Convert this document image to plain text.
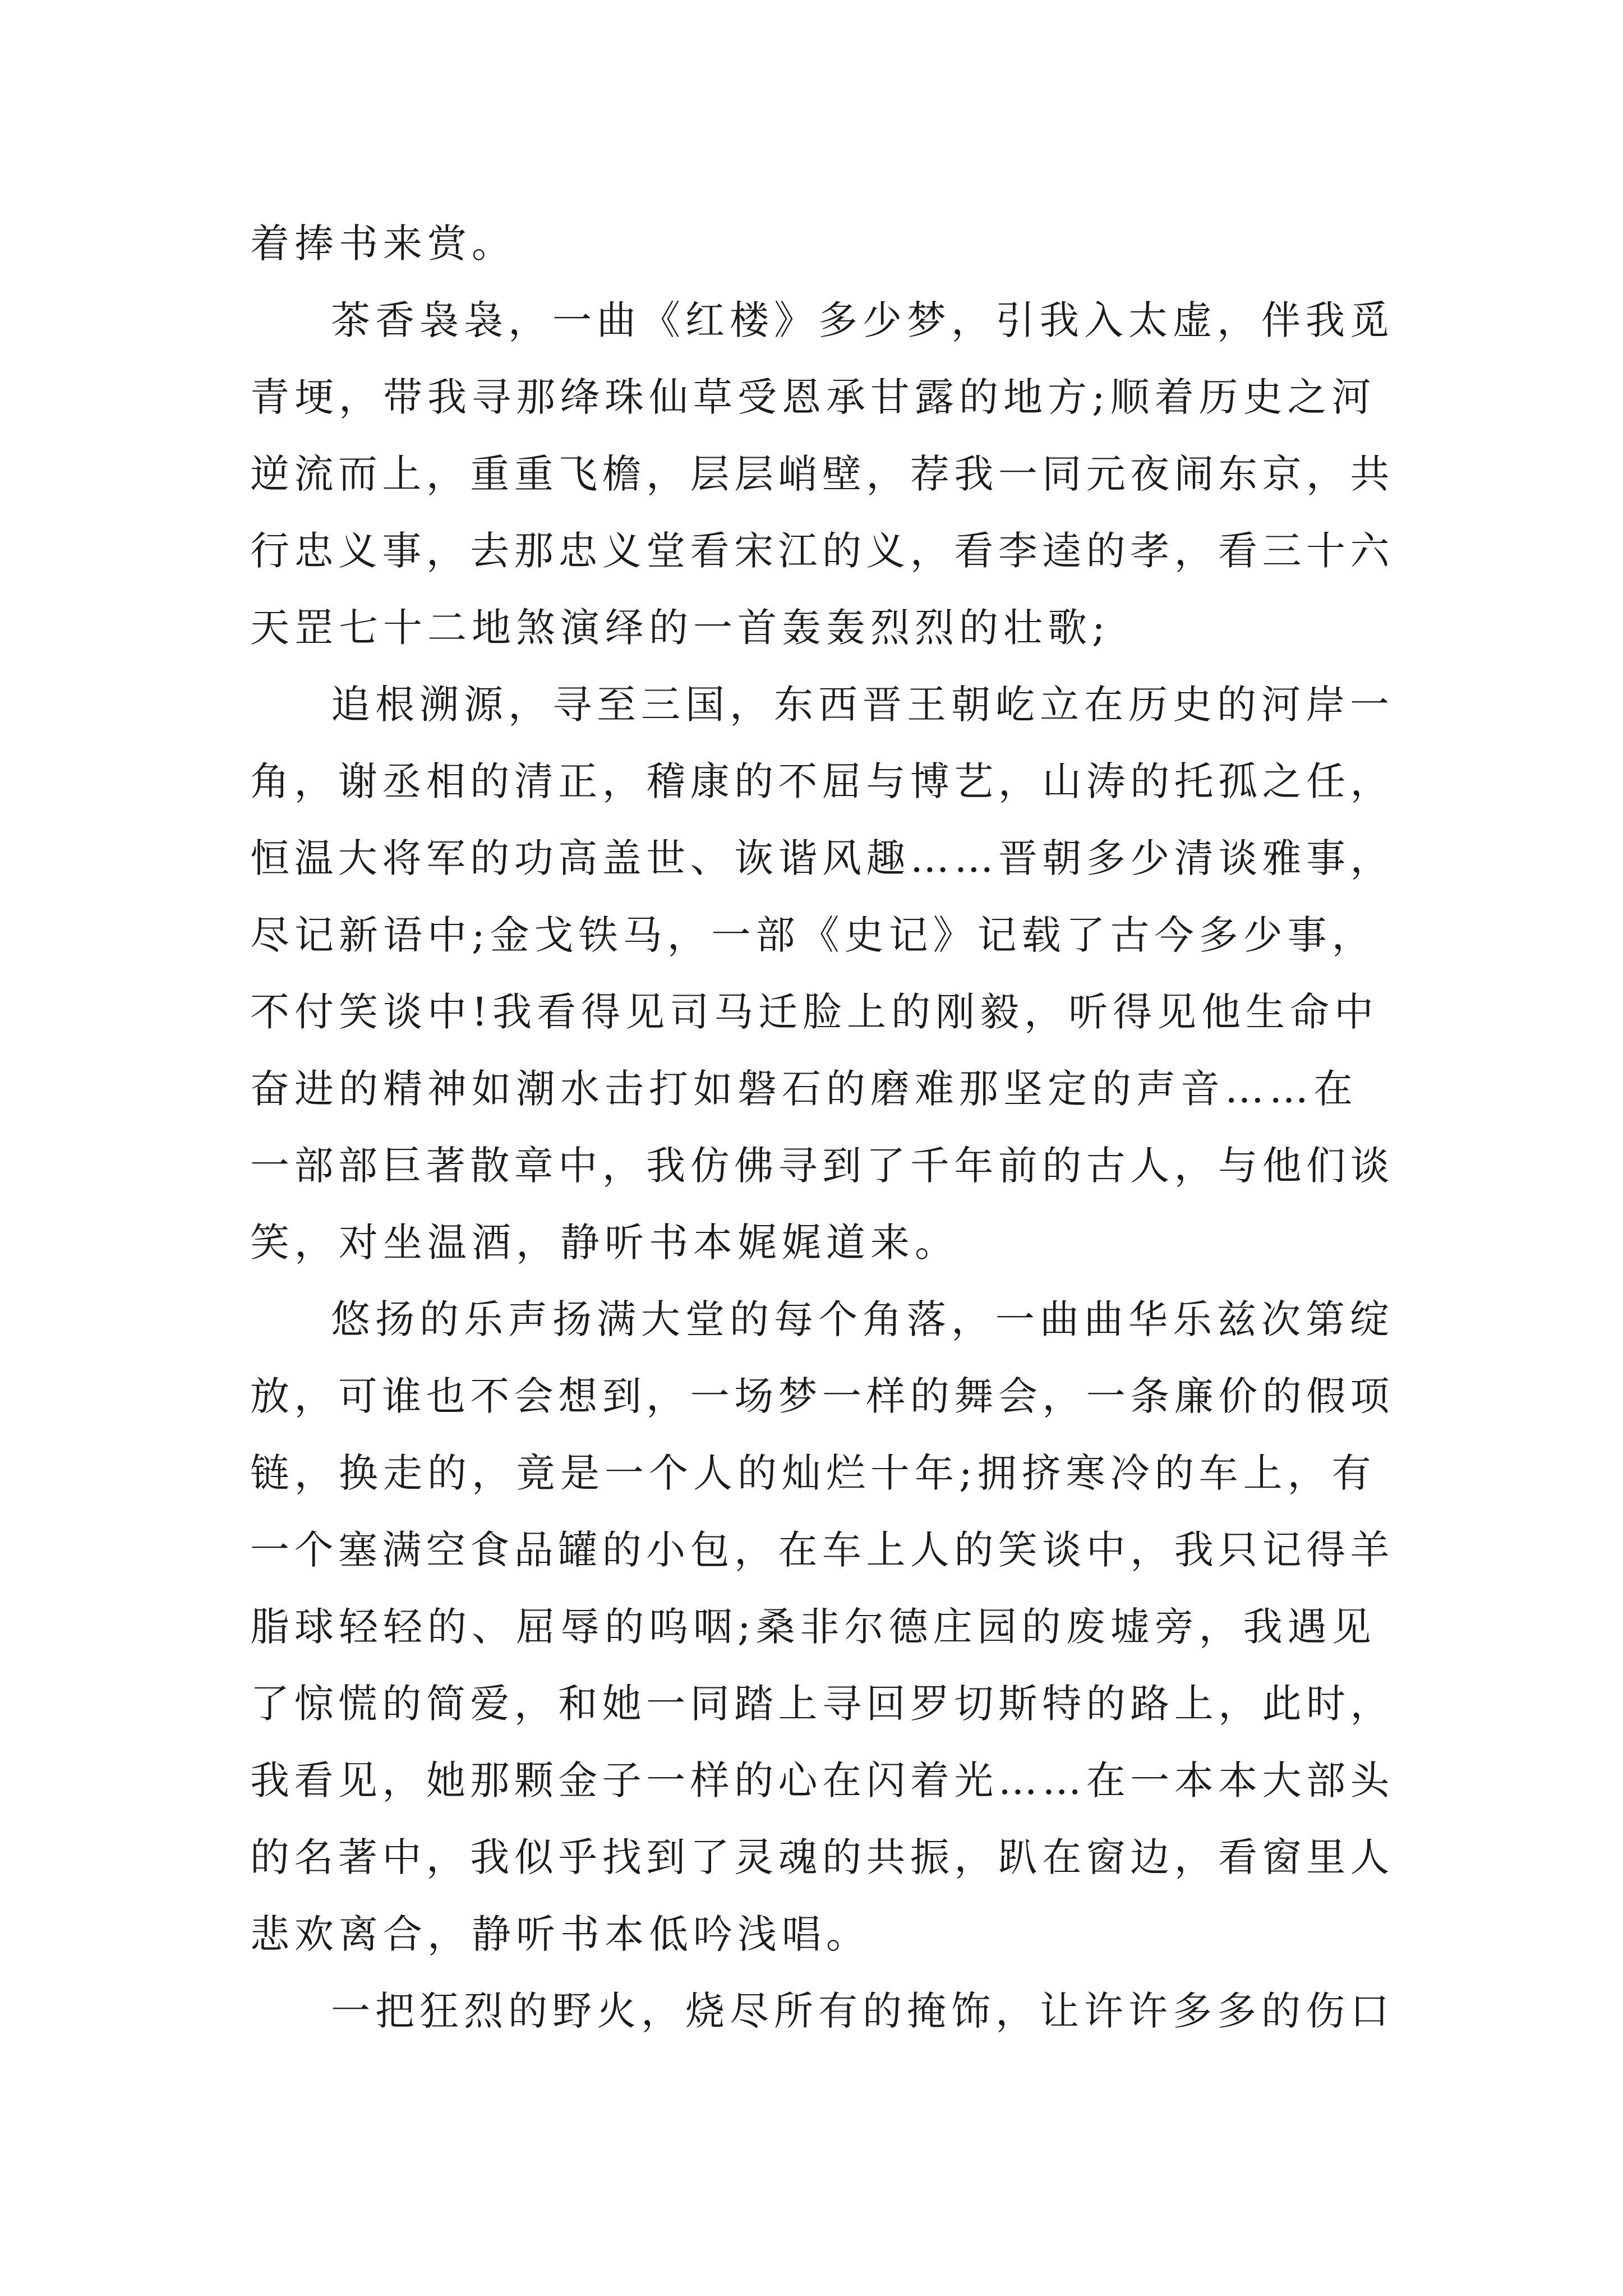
着捧书来赏。
茶香袅袅，一曲《红楼》多少梦，引我入太虚，伴我觅
青埂，带我寻那绛珠仙草受恩承甘露的地方;顺着历史之河
逆流而上，重重飞檐，层层峭壁，荐我一同元夜闹东京，共
行忠义事，去那忠义堂看宋江的义，看李逵的孝，看三十六
天罡七十二地煞演绎的一首轰轰烈烈的壮歌;
追根溯源，寻至三国，东西晋王朝屹立在历史的河岸一
角，谢丞相的清正，稽康的不屈与博艺，山涛的托孤之任，
恒温大将军的功高盖世、诙谐风趣……晋朝多少清谈雅事，
尽记新语中;金戈铁马，一部《史记》记载了古今多少事，
不付笑谈中!我看得见司马迁脸上的刚毅，听得见他生命中
奋进的精神如潮水击打如磐石的磨难那坚定的声音……在
一部部巨著散章中，我仿佛寻到了千年前的古人，与他们谈
笑，对坐温酒，静听书本娓娓道来。
悠扬的乐声扬满大堂的每个角落，一曲曲华乐兹次第绽
放，可谁也不会想到，一场梦一样的舞会，一条廉价的假项
链，换走的，竟是一个人的灿烂十年;拥挤寒冷的车上，有
一个塞满空食品罐的小包，在车上人的笑谈中，我只记得羊
脂球轻轻的、屈辱的呜咽;桑非尔德庄园的废墟旁，我遇见
了惊慌的简爱，和她一同踏上寻回罗切斯特的路上，此时，
我看见，她那颗金子一样的心在闪着光……在一本本大部头
的名著中，我似乎找到了灵魂的共振，趴在窗边，看窗里人
悲欢离合，静听书本低吟浅唱。
一把狂烈的野火，烧尽所有的掩饰，让许许多多的伤口
